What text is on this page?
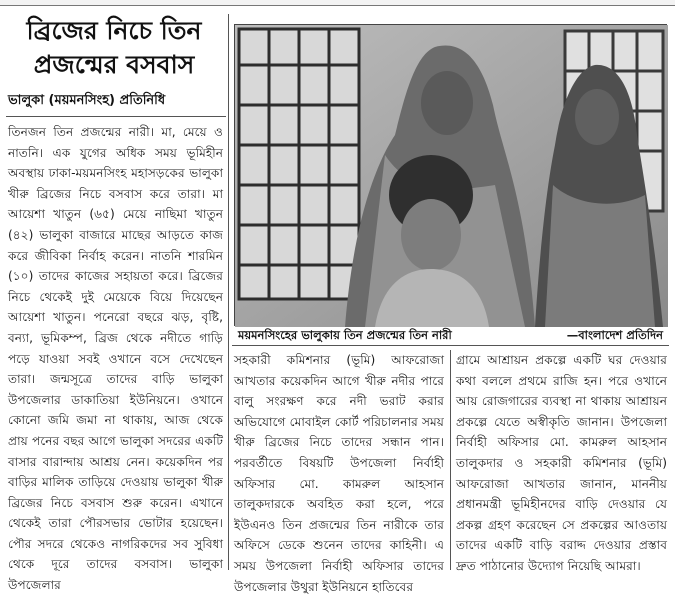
ব্রিজের নিচে তিন
প্রজন্মের বসবাস
ভালুকা (ময়মনসিংহ) প্রতিনিধি

তিনজন তিন প্রজন্মের নারী। মা, মেয়ে ও নাতনি। এক যুগের অধিক সময় ভূমিহীন অবস্থায় ঢাকা-ময়মনসিংহ মহাসড়কের ভালুকা খীরু ব্রিজের নিচে বসবাস করে তারা। মা আয়েশা খাতুন (৬৫) মেয়ে নাছিমা খাতুন (৪২) ভালুকা বাজারে মাছের আড়তে কাজ করে জীবিকা নির্বাহ করেন। নাতনি শারমিন (১০) তাদের কাজের সহায়তা করে। ব্রিজের নিচে থেকেই দুই মেয়েকে বিয়ে দিয়েছেন আয়েশা খাতুন। পনেরো বছরে ঝড়, বৃষ্টি, বন্যা, ভূমিকম্প, ব্রিজ থেকে নদীতে গাড়ি পড়ে যাওয়া সবই ওখানে বসে দেখেছেন তারা। জন্মসূত্রে তাদের বাড়ি ভালুকা উপজেলার ডাকাতিয়া ইউনিয়নে। ওখানে কোনো জমি জমা না থাকায়, আজ থেকে প্রায় পনের বছর আগে ভালুকা সদরের একটি বাসার বারান্দায় আশ্রয় নেন। কয়েকদিন পর বাড়ির মালিক তাড়িয়ে দেওয়ায় ভালুকা খীরু ব্রিজের নিচে বসবাস শুরু করেন। এখানে থেকেই তারা পৌরসভার ভোটার হয়েছেন। পৌর সদরে থেকেও নাগরিকদের সব সুবিধা থেকে দূরে তাদের বসবাস। ভালুকা উপজেলার

ময়মনসিংহের ভালুকায় তিন প্রজন্মের তিন নারী	—বাংলাদেশ প্রতিদিন

সহকারী কমিশনার (ভূমি) আফরোজা আখতার কয়েকদিন আগে খীরু নদীর পারে বালু সংরক্ষণ করে নদী ভরাট করার অভিযোগে মোবাইল কোর্ট পরিচালনার সময় খীরু ব্রিজের নিচে তাদের সন্ধান পান। পরবর্তীতে বিষয়টি উপজেলা নির্বাহী অফিসার মো. কামরুল আহসান তালুকদারকে অবহিত করা হলে, পরে ইউএনও তিন প্রজন্মের তিন নারীকে তার অফিসে ডেকে শুনেন তাদের কাহিনী। এ সময় উপজেলা নির্বাহী অফিসার তাদের উপজেলার উথুরা ইউনিয়নে হাতিবের

গ্রামে আশ্রায়ন প্রকল্পে একটি ঘর দেওয়ার কথা বললে প্রথমে রাজি হন। পরে ওখানে আয় রোজগারের ব্যবস্থা না থাকায় আশ্রায়ন প্রকল্পে যেতে অস্বীকৃতি জানান। উপজেলা নির্বাহী অফিসার মো. কামরুল আহসান তালুকদার ও সহকারী কমিশনার (ভূমি) আফরোজা আখতার জানান, মাননীয় প্রধানমন্ত্রী ভূমিহীনদের বাড়ি দেওয়ার যে প্রকল্প গ্রহণ করেছেন সে প্রকল্পের আওতায় তাদের একটি বাড়ি বরাদ্দ দেওয়ার প্রস্তাব দ্রুত পাঠানোর উদ্যোগ নিয়েছি আমরা।
